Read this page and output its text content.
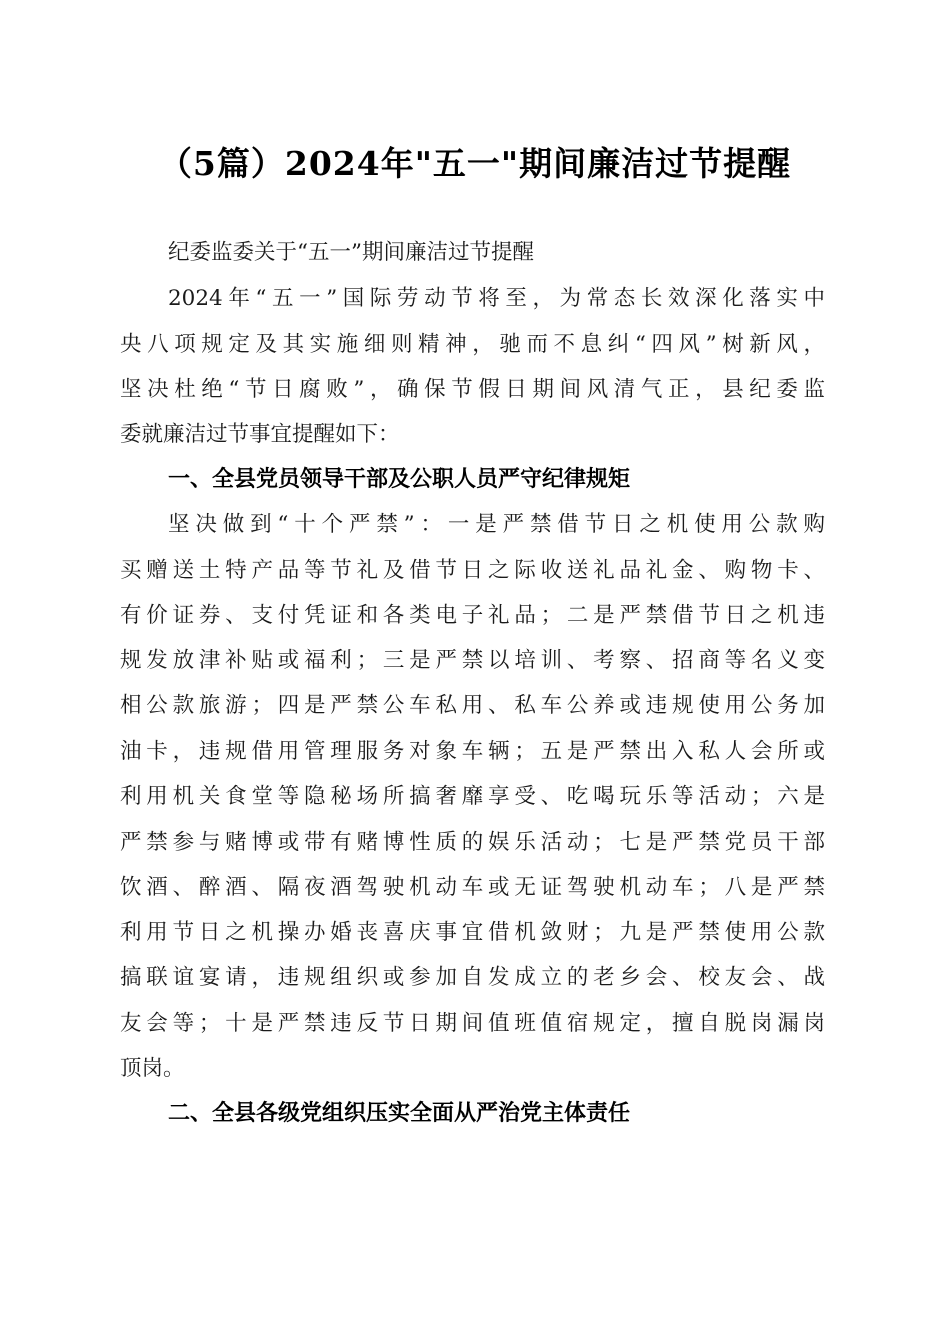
（5篇）2024年"五一"期间廉洁过节提醒
纪委监委关于“五一”期间廉洁过节提醒
2024年“五一”国际劳动节将至，为常态长效深化落实中
央八项规定及其实施细则精神，驰而不息纠“四风”树新风，
坚决杜绝“节日腐败”，确保节假日期间风清气正，县纪委监
委就廉洁过节事宜提醒如下：
一、全县党员领导干部及公职人员严守纪律规矩
坚决做到“十个严禁”：一是严禁借节日之机使用公款购
买赠送土特产品等节礼及借节日之际收送礼品礼金、购物卡、
有价证券、支付凭证和各类电子礼品；二是严禁借节日之机违
规发放津补贴或福利；三是严禁以培训、考察、招商等名义变
相公款旅游；四是严禁公车私用、私车公养或违规使用公务加
油卡，违规借用管理服务对象车辆；五是严禁出入私人会所或
利用机关食堂等隐秘场所搞奢靡享受、吃喝玩乐等活动；六是
严禁参与赌博或带有赌博性质的娱乐活动；七是严禁党员干部
饮酒、醉酒、隔夜酒驾驶机动车或无证驾驶机动车；八是严禁
利用节日之机操办婚丧喜庆事宜借机敛财；九是严禁使用公款
搞联谊宴请，违规组织或参加自发成立的老乡会、校友会、战
友会等；十是严禁违反节日期间值班值宿规定，擅自脱岗漏岗
顶岗。
二、全县各级党组织压实全面从严治党主体责任
